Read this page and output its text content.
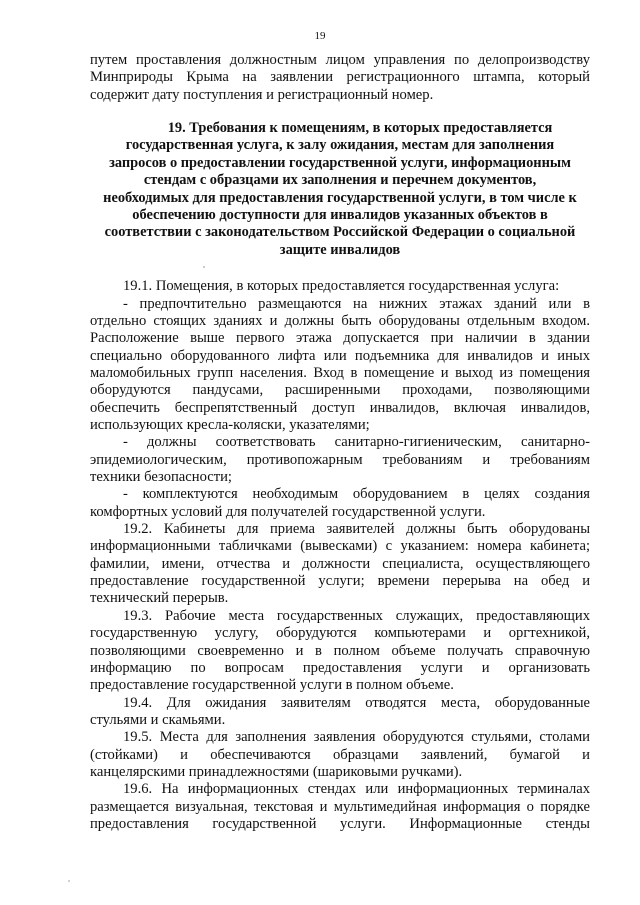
19
путем проставления должностным лицом управления по делопроизводству
Минприроды Крыма на заявлении регистрационного штампа, который
содержит дату поступления и регистрационный номер.
19. Требования к помещениям, в которых предоставляется
государственная услуга, к залу ожидания, местам для заполнения
запросов о предоставлении государственной услуги, информационным
стендам с образцами их заполнения и перечнем документов,
необходимых для предоставления государственной услуги, в том числе к
обеспечению доступности для инвалидов указанных объектов в
соответствии с законодательством Российской Федерации о социальной
защите инвалидов
19.1. Помещения, в которых предоставляется государственная услуга:
- предпочтительно размещаются на нижних этажах зданий или в
отдельно стоящих зданиях и должны быть оборудованы отдельным входом.
Расположение выше первого этажа допускается при наличии в здании
специально оборудованного лифта или подъемника для инвалидов и иных
маломобильных групп населения. Вход в помещение и выход из помещения
оборудуются пандусами, расширенными проходами, позволяющими
обеспечить беспрепятственный доступ инвалидов, включая инвалидов,
использующих кресла-коляски, указателями;
- должны соответствовать санитарно-гигиеническим, санитарно-
эпидемиологическим, противопожарным требованиям и требованиям
техники безопасности;
- комплектуются необходимым оборудованием в целях создания
комфортных условий для получателей государственной услуги.
19.2. Кабинеты для приема заявителей должны быть оборудованы
информационными табличками (вывесками) с указанием: номера кабинета;
фамилии, имени, отчества и должности специалиста, осуществляющего
предоставление государственной услуги; времени перерыва на обед и
технический перерыв.
19.3. Рабочие места государственных служащих, предоставляющих
государственную услугу, оборудуются компьютерами и оргтехникой,
позволяющими своевременно и в полном объеме получать справочную
информацию по вопросам предоставления услуги и организовать
предоставление государственной услуги в полном объеме.
19.4. Для ожидания заявителям отводятся места, оборудованные
стульями и скамьями.
19.5. Места для заполнения заявления оборудуются стульями, столами
(стойками) и обеспечиваются образцами заявлений, бумагой и
канцелярскими принадлежностями (шариковыми ручками).
19.6. На информационных стендах или информационных терминалах
размещается визуальная, текстовая и мультимедийная информация о порядке
предоставления государственной услуги. Информационные стенды
